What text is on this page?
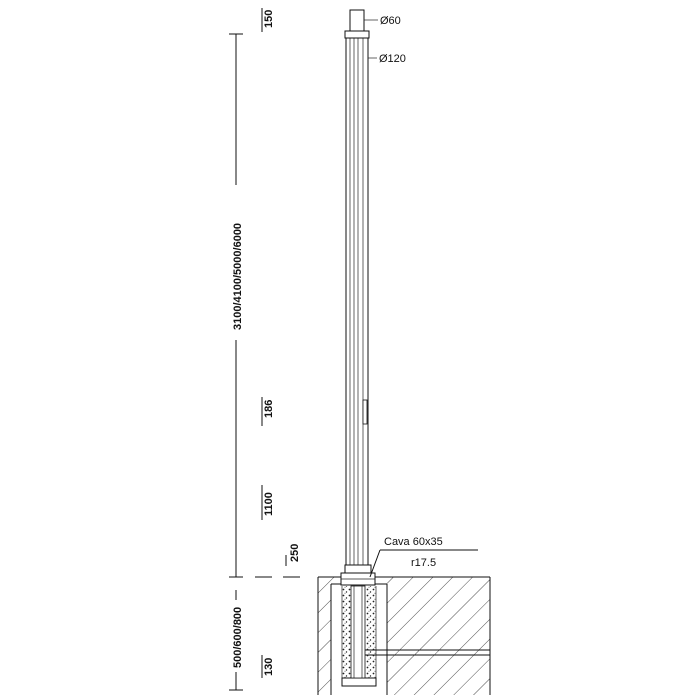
3100/4100/5000/6000
500/600/800
150
186
1100
250
130
Ø60
Ø120
Cava 60x35
r17.5
